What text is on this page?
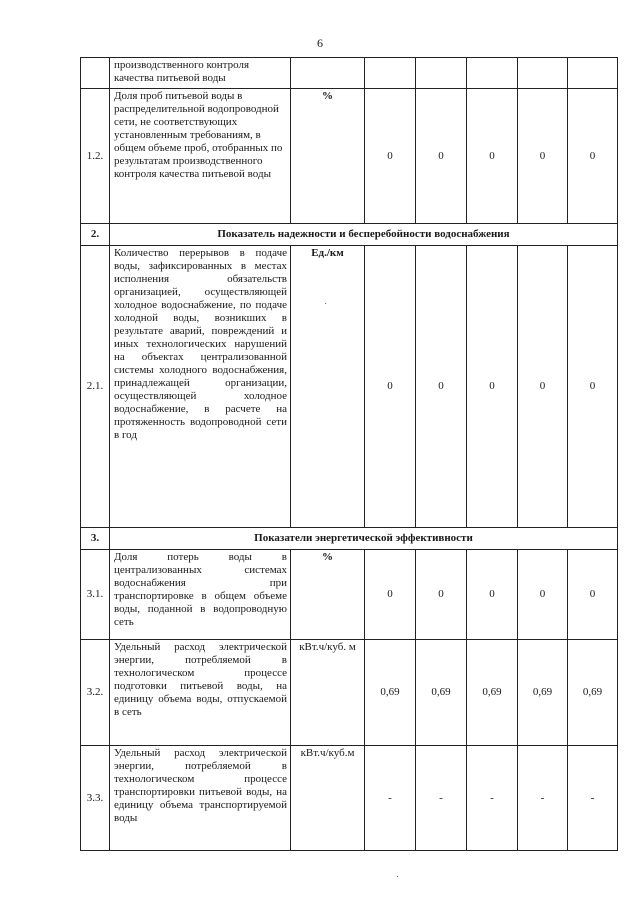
6
	производственного контроля качества питьевой воды						
1.2.	Доля проб питьевой воды в распределительной водопроводной сети, не соответствующих установленным требованиям, в общем объеме проб, отобранных по результатам производственного контроля качества питьевой воды	%	0	0	0	0	0
2.	Показатель надежности и бесперебойности водоснабжения						
2.1.	Количество перерывов в подаче воды, зафиксированных в местах исполнения обязательств организацией, осуществляющей холодное водоснабжение, по подаче холодной воды, возникших в результате аварий, повреждений и иных технологических нарушений на объектах централизованной системы холодного водоснабжения, принадлежащей организации, осуществляющей холодное водоснабжение, в расчете на протяженность водопроводной сети в год	Ед./км	0	0	0	0	0
3.	Показатели энергетической эффективности						
3.1.	Доля потерь воды в централизованных системах водоснабжения при транспортировке в общем объеме воды, поданной в водопроводную сеть	%	0	0	0	0	0
3.2.	Удельный расход электрической энергии, потребляемой в технологическом процессе подготовки питьевой воды, на единицу объема воды, отпускаемой в сеть	кВт.ч/куб. м	0,69	0,69	0,69	0,69	0,69
3.3.	Удельный расход электрической энергии, потребляемой в технологическом процессе транспортировки питьевой воды, на единицу объема транспортируемой воды	кВт.ч/куб.м	-	-	-	-	-
